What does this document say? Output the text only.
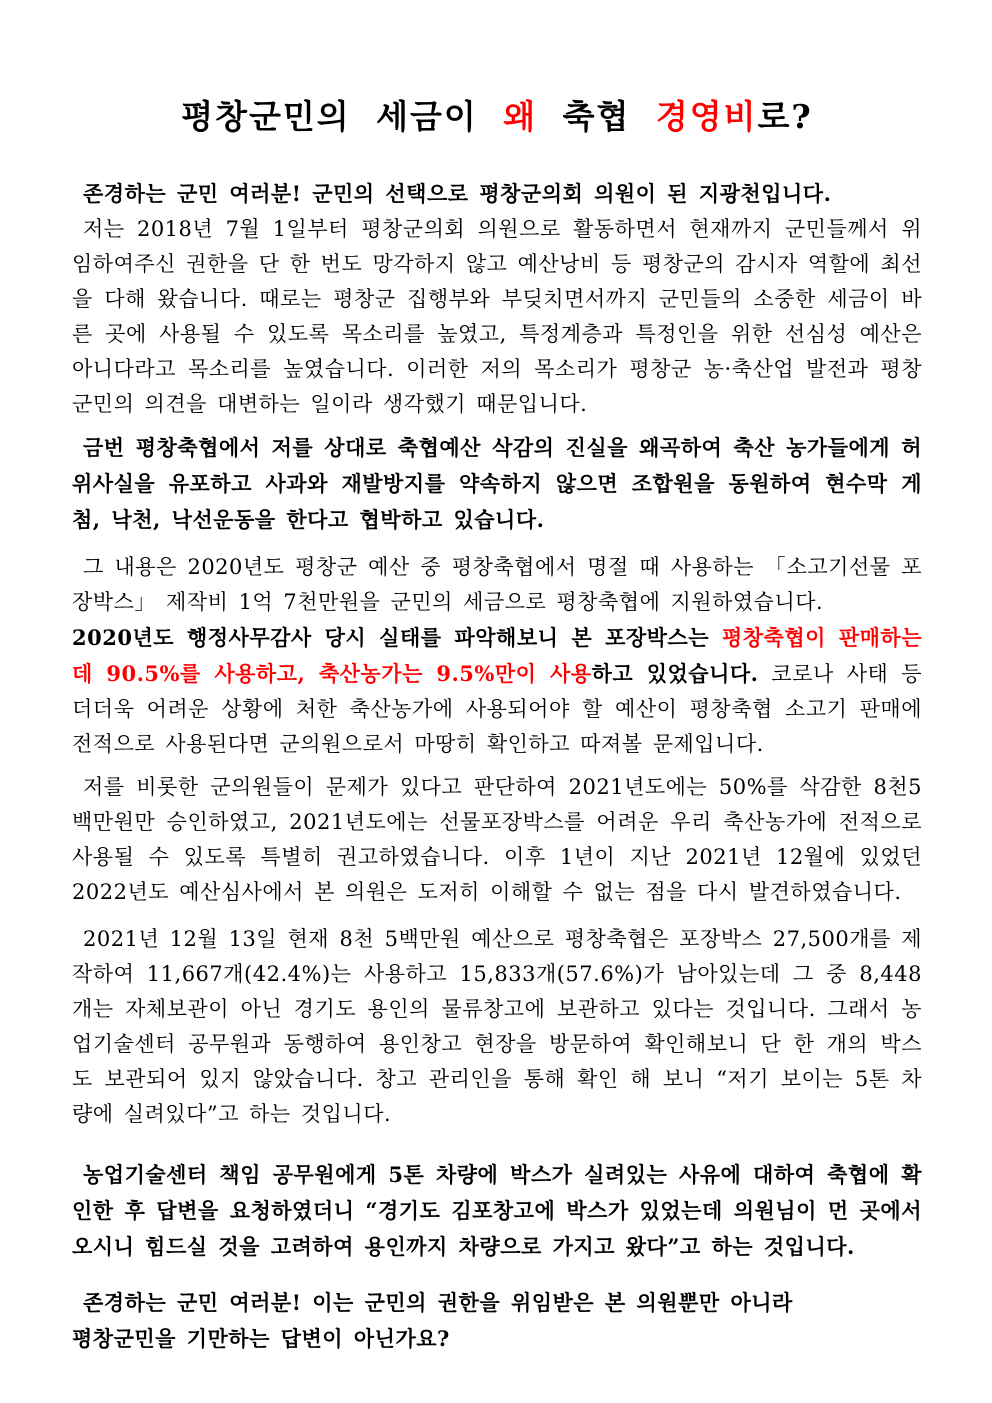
평창군민의 세금이 왜 축협 경영비로?

존경하는 군민 여러분! 군민의 선택으로 평창군의회 의원이 된 지광천입니다.

저는 2018년 7월 1일부터 평창군의회 의원으로 활동하면서 현재까지 군민들께서 위임하여주신 권한을 단 한 번도 망각하지 않고 예산낭비 등 평창군의 감시자 역할에 최선을 다해 왔습니다. 때로는 평창군 집행부와 부딪치면서까지 군민들의 소중한 세금이 바른 곳에 사용될 수 있도록 목소리를 높였고, 특정계층과 특정인을 위한 선심성 예산은 아니다라고 목소리를 높였습니다. 이러한 저의 목소리가 평창군 농·축산업 발전과 평창군민의 의견을 대변하는 일이라 생각했기 때문입니다.

금번 평창축협에서 저를 상대로 축협예산 삭감의 진실을 왜곡하여 축산 농가들에게 허위사실을 유포하고 사과와 재발방지를 약속하지 않으면 조합원을 동원하여 현수막 게첨, 낙천, 낙선운동을 한다고 협박하고 있습니다.

그 내용은 2020년도 평창군 예산 중 평창축협에서 명절 때 사용하는 「소고기선물 포장박스」 제작비 1억 7천만원을 군민의 세금으로 평창축협에 지원하였습니다.

2020년도 행정사무감사 당시 실태를 파악해보니 본 포장박스는 평창축협이 판매하는데 90.5%를 사용하고, 축산농가는 9.5%만이 사용하고 있었습니다. 코로나 사태 등 더더욱 어려운 상황에 처한 축산농가에 사용되어야 할 예산이 평창축협 소고기 판매에 전적으로 사용된다면 군의원으로서 마땅히 확인하고 따져볼 문제입니다.

저를 비롯한 군의원들이 문제가 있다고 판단하여 2021년도에는 50%를 삭감한 8천5백만원만 승인하였고, 2021년도에는 선물포장박스를 어려운 우리 축산농가에 전적으로 사용될 수 있도록 특별히 권고하였습니다. 이후 1년이 지난 2021년 12월에 있었던 2022년도 예산심사에서 본 의원은 도저히 이해할 수 없는 점을 다시 발견하였습니다.

2021년 12월 13일 현재 8천 5백만원 예산으로 평창축협은 포장박스 27,500개를 제작하여 11,667개(42.4%)는 사용하고 15,833개(57.6%)가 남아있는데 그 중 8,448개는 자체보관이 아닌 경기도 용인의 물류창고에 보관하고 있다는 것입니다. 그래서 농업기술센터 공무원과 동행하여 용인창고 현장을 방문하여 확인해보니 단 한 개의 박스도 보관되어 있지 않았습니다. 창고 관리인을 통해 확인 해 보니 “저기 보이는 5톤 차량에 실려있다”고 하는 것입니다.

농업기술센터 책임 공무원에게 5톤 차량에 박스가 실려있는 사유에 대하여 축협에 확인한 후 답변을 요청하였더니 “경기도 김포창고에 박스가 있었는데 의원님이 먼 곳에서 오시니 힘드실 것을 고려하여 용인까지 차량으로 가지고 왔다”고 하는 것입니다.

존경하는 군민 여러분! 이는 군민의 권한을 위임받은 본 의원뿐만 아니라
평창군민을 기만하는 답변이 아닌가요?
